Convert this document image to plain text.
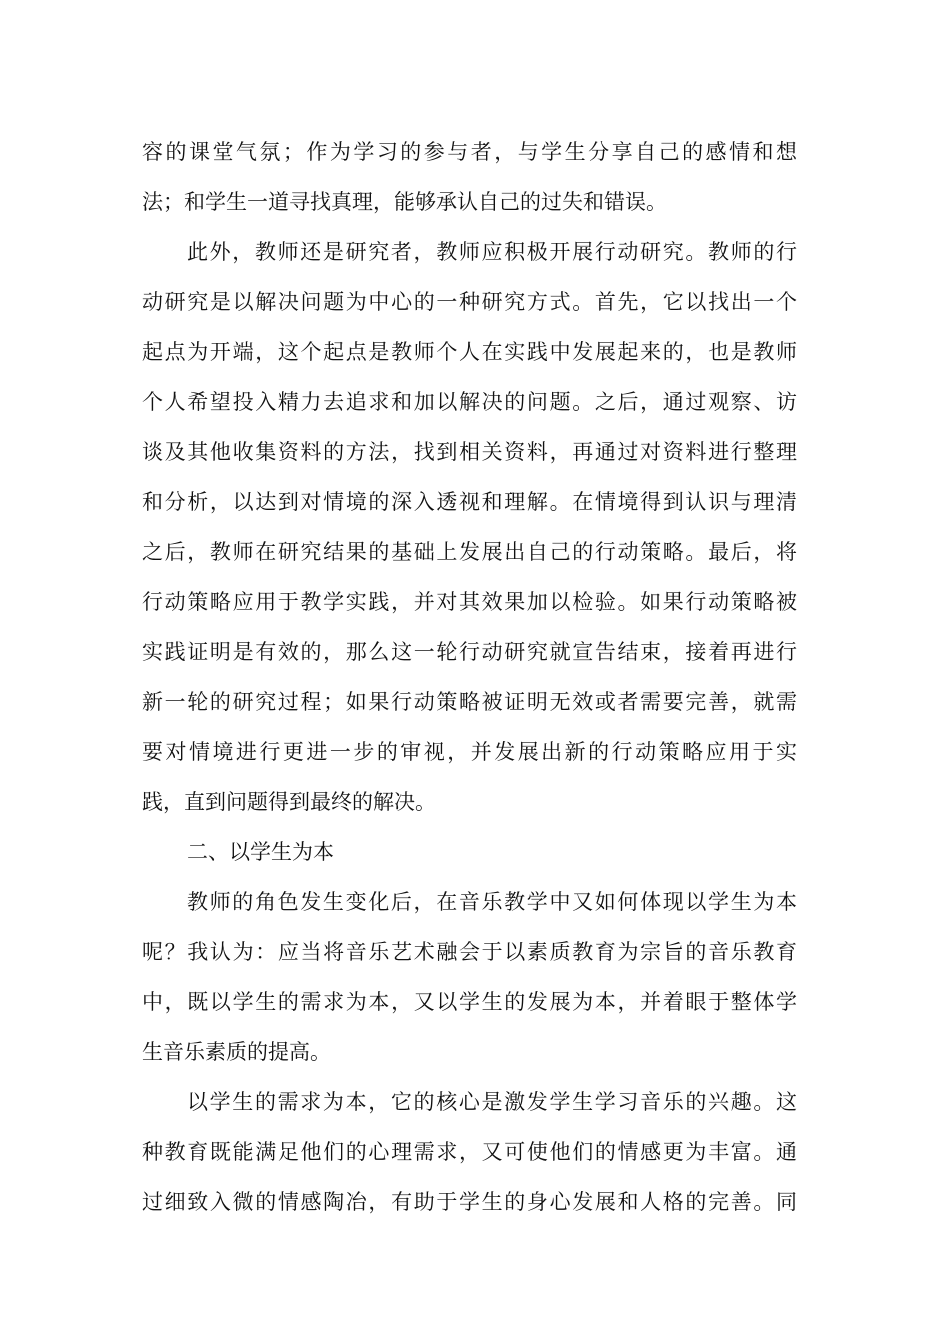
容的课堂气氛；作为学习的参与者，与学生分享自己的感情和想
法；和学生一道寻找真理，能够承认自己的过失和错误。
此外，教师还是研究者，教师应积极开展行动研究。教师的行
动研究是以解决问题为中心的一种研究方式。首先，它以找出一个
起点为开端，这个起点是教师个人在实践中发展起来的，也是教师
个人希望投入精力去追求和加以解决的问题。之后，通过观察、访
谈及其他收集资料的方法，找到相关资料，再通过对资料进行整理
和分析，以达到对情境的深入透视和理解。在情境得到认识与理清
之后，教师在研究结果的基础上发展出自己的行动策略。最后，将
行动策略应用于教学实践，并对其效果加以检验。如果行动策略被
实践证明是有效的，那么这一轮行动研究就宣告结束，接着再进行
新一轮的研究过程；如果行动策略被证明无效或者需要完善，就需
要对情境进行更进一步的审视，并发展出新的行动策略应用于实
践，直到问题得到最终的解决。
二、以学生为本
教师的角色发生变化后，在音乐教学中又如何体现以学生为本
呢？我认为：应当将音乐艺术融会于以素质教育为宗旨的音乐教育
中，既以学生的需求为本，又以学生的发展为本，并着眼于整体学
生音乐素质的提高。
以学生的需求为本，它的核心是激发学生学习音乐的兴趣。这
种教育既能满足他们的心理需求，又可使他们的情感更为丰富。通
过细致入微的情感陶冶，有助于学生的身心发展和人格的完善。同
